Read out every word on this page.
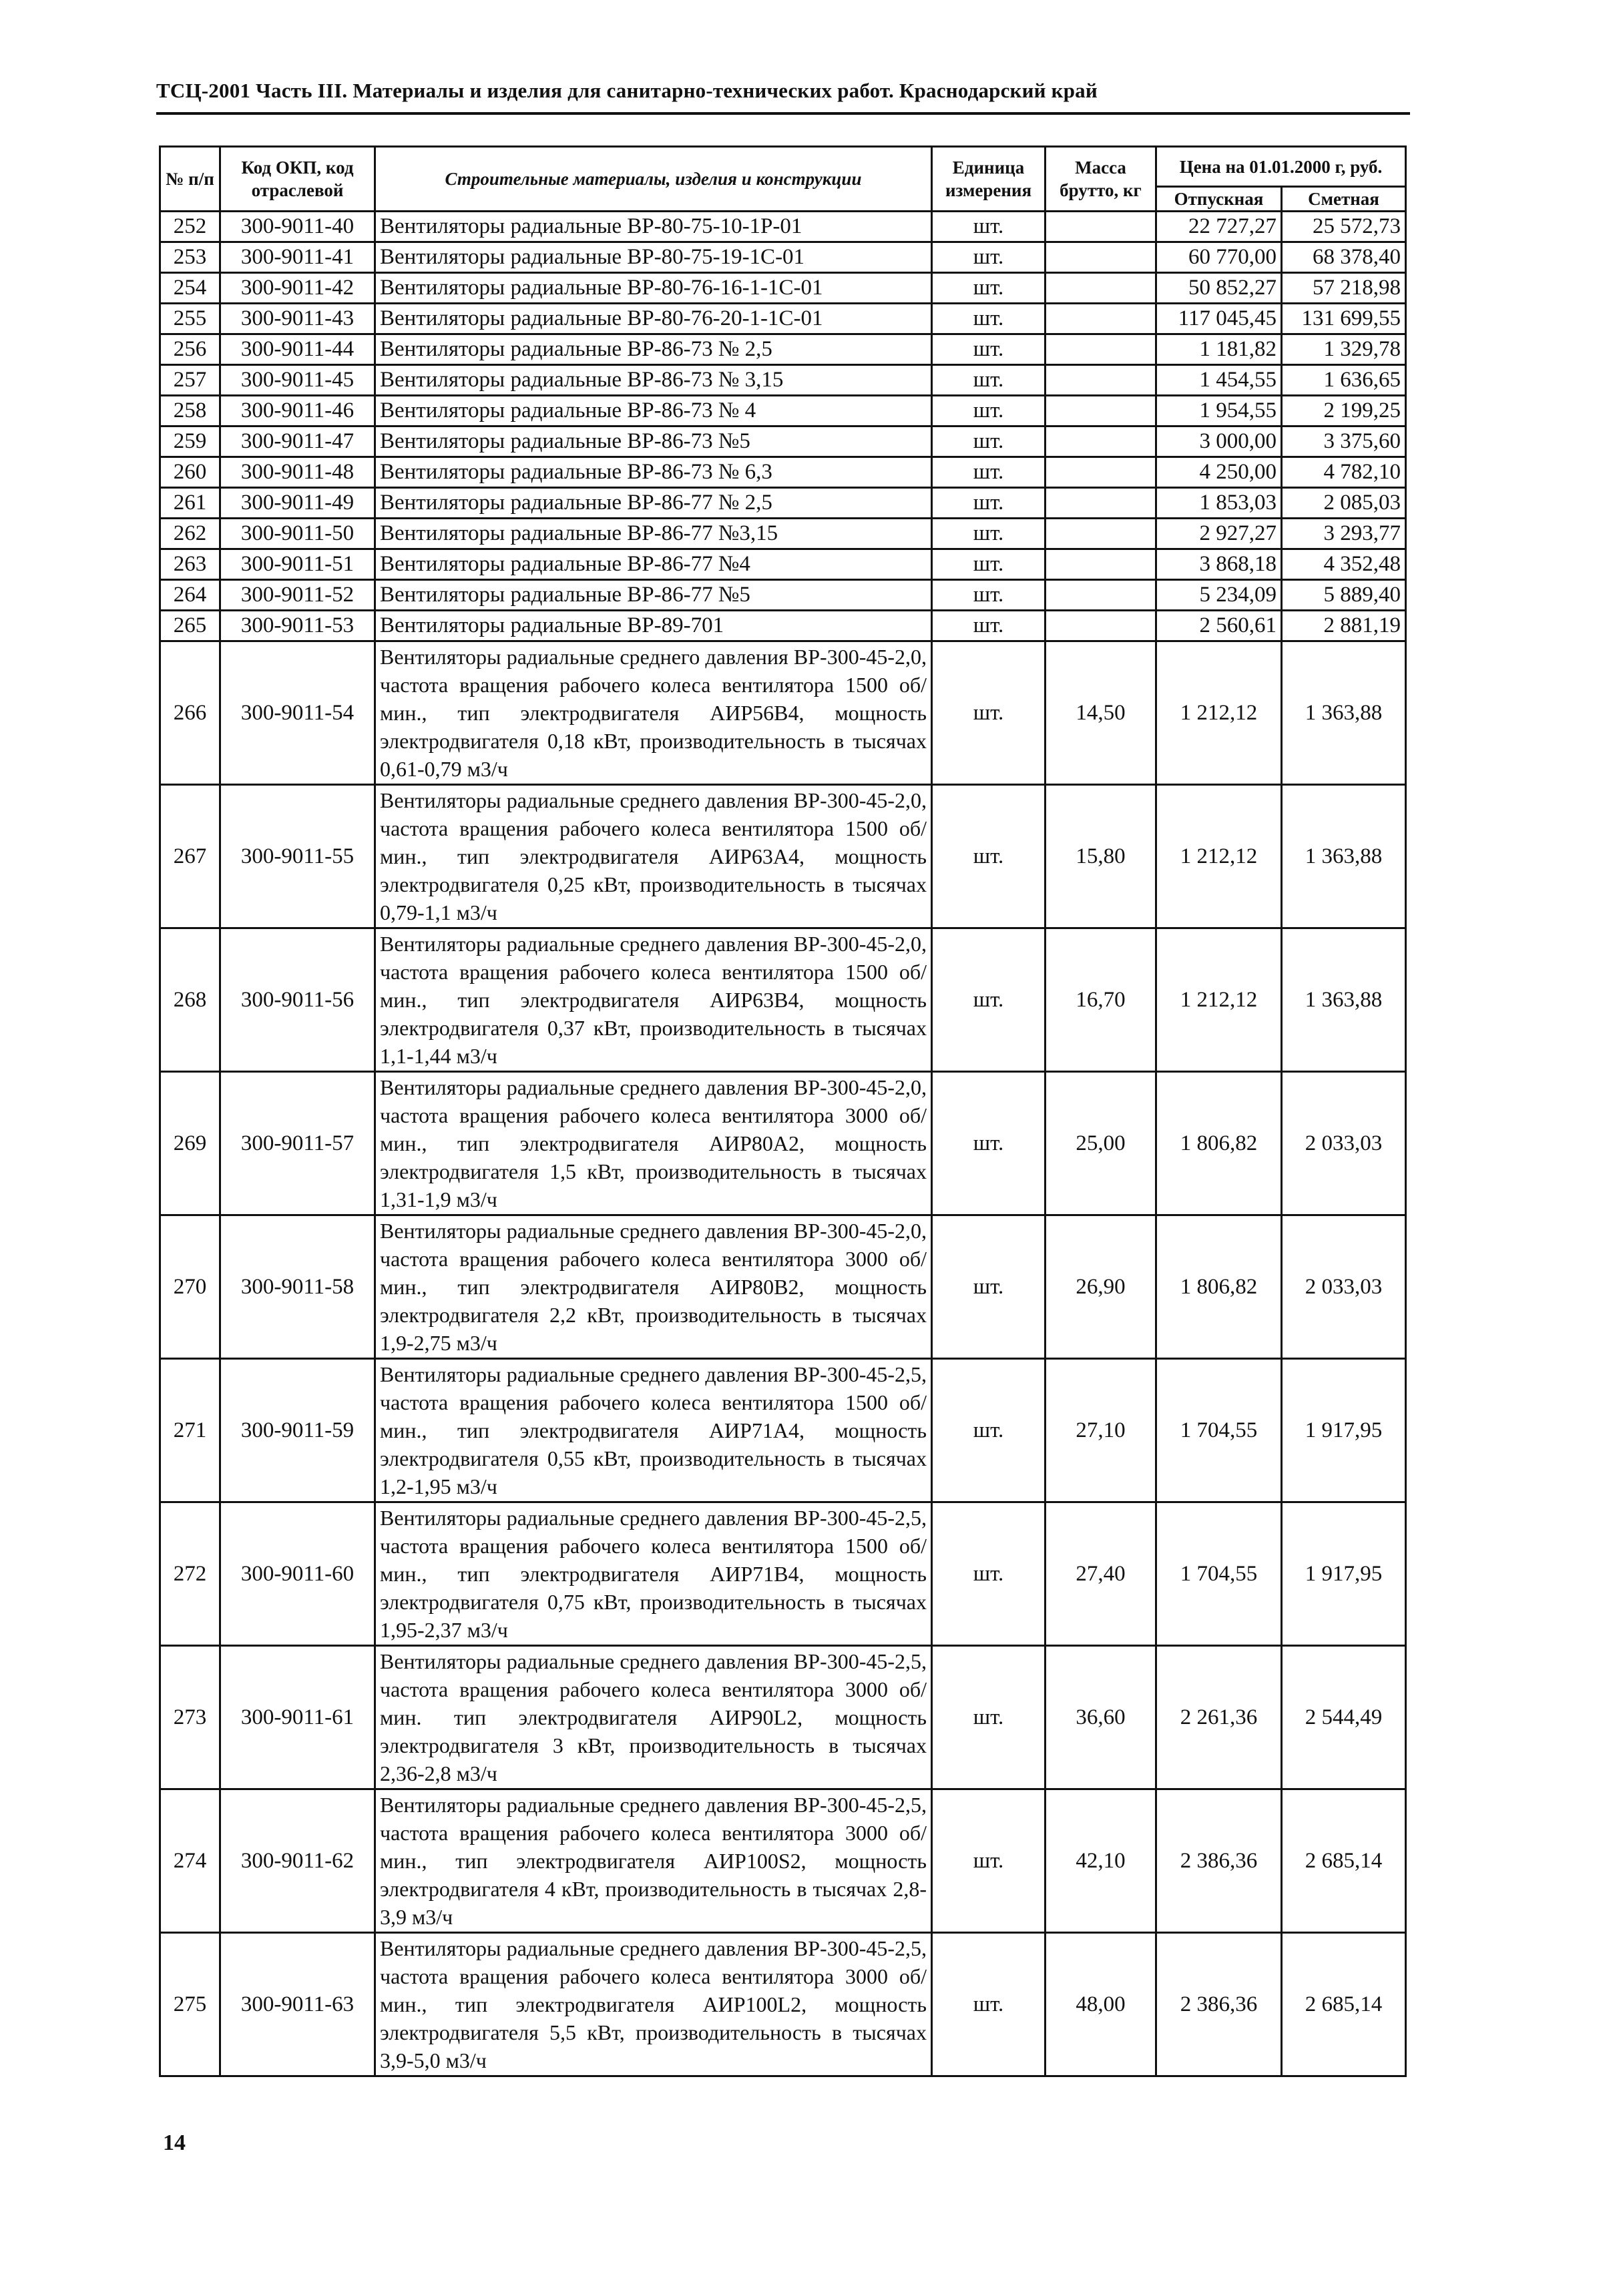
ТСЦ-2001 Часть III. Материалы и изделия для санитарно-технических работ. Краснодарский край
№ п/п	Код ОКП, код отраслевой	Строительные материалы, изделия и конструкции	Единица измерения	Масса брутто, кг	Цена на 01.01.2000 г, руб.	
					Отпускная	Сметная
252	300-9011-40	Вентиляторы радиальные ВР-80-75-10-1Р-01	шт.		22 727,27	25 572,73
253	300-9011-41	Вентиляторы радиальные ВР-80-75-19-1С-01	шт.		60 770,00	68 378,40
254	300-9011-42	Вентиляторы радиальные ВР-80-76-16-1-1С-01	шт.		50 852,27	57 218,98
255	300-9011-43	Вентиляторы радиальные ВР-80-76-20-1-1С-01	шт.		117 045,45	131 699,55
256	300-9011-44	Вентиляторы радиальные ВР-86-73 № 2,5	шт.		1 181,82	1 329,78
257	300-9011-45	Вентиляторы радиальные ВР-86-73 № 3,15	шт.		1 454,55	1 636,65
258	300-9011-46	Вентиляторы радиальные ВР-86-73 № 4	шт.		1 954,55	2 199,25
259	300-9011-47	Вентиляторы радиальные ВР-86-73 №5	шт.		3 000,00	3 375,60
260	300-9011-48	Вентиляторы радиальные ВР-86-73 № 6,3	шт.		4 250,00	4 782,10
261	300-9011-49	Вентиляторы радиальные ВР-86-77 № 2,5	шт.		1 853,03	2 085,03
262	300-9011-50	Вентиляторы радиальные ВР-86-77 №3,15	шт.		2 927,27	3 293,77
263	300-9011-51	Вентиляторы радиальные ВР-86-77 №4	шт.		3 868,18	4 352,48
264	300-9011-52	Вентиляторы радиальные ВР-86-77 №5	шт.		5 234,09	5 889,40
265	300-9011-53	Вентиляторы радиальные ВР-89-701	шт.		2 560,61	2 881,19
266	300-9011-54	Вентиляторы радиальные среднего давления ВР-300-45-2,0, частота вращения рабочего колеса вентилятора 1500 об/мин., тип электродвигателя АИР56В4, мощность электродвигателя 0,18 кВт, производительность в тысячах 0,61-0,79 м3/ч	шт.	14,50	1 212,12	1 363,88
267	300-9011-55	Вентиляторы радиальные среднего давления ВР-300-45-2,0, частота вращения рабочего колеса вентилятора 1500 об/мин., тип электродвигателя АИР63А4, мощность электродвигателя 0,25 кВт, производительность в тысячах 0,79-1,1 м3/ч	шт.	15,80	1 212,12	1 363,88
268	300-9011-56	Вентиляторы радиальные среднего давления ВР-300-45-2,0, частота вращения рабочего колеса вентилятора 1500 об/мин., тип электродвигателя АИР63В4, мощность электродвигателя 0,37 кВт, производительность в тысячах 1,1-1,44 м3/ч	шт.	16,70	1 212,12	1 363,88
269	300-9011-57	Вентиляторы радиальные среднего давления ВР-300-45-2,0, частота вращения рабочего колеса вентилятора 3000 об/мин., тип электродвигателя АИР80А2, мощность электродвигателя 1,5 кВт, производительность в тысячах 1,31-1,9 м3/ч	шт.	25,00	1 806,82	2 033,03
270	300-9011-58	Вентиляторы радиальные среднего давления ВР-300-45-2,0, частота вращения рабочего колеса вентилятора 3000 об/мин., тип электродвигателя АИР80В2, мощность электродвигателя 2,2 кВт, производительность в тысячах 1,9-2,75 м3/ч	шт.	26,90	1 806,82	2 033,03
271	300-9011-59	Вентиляторы радиальные среднего давления ВР-300-45-2,5, частота вращения рабочего колеса вентилятора 1500 об/мин., тип электродвигателя АИР71А4, мощность электродвигателя 0,55 кВт, производительность в тысячах 1,2-1,95 м3/ч	шт.	27,10	1 704,55	1 917,95
272	300-9011-60	Вентиляторы радиальные среднего давления ВР-300-45-2,5, частота вращения рабочего колеса вентилятора 1500 об/мин., тип электродвигателя АИР71В4, мощность электродвигателя 0,75 кВт, производительность в тысячах 1,95-2,37 м3/ч	шт.	27,40	1 704,55	1 917,95
273	300-9011-61	Вентиляторы радиальные среднего давления ВР-300-45-2,5, частота вращения рабочего колеса вентилятора 3000 об/мин. тип электродвигателя АИР90L2, мощность электродвигателя 3 кВт, производительность в тысячах 2,36-2,8 м3/ч	шт.	36,60	2 261,36	2 544,49
274	300-9011-62	Вентиляторы радиальные среднего давления ВР-300-45-2,5, частота вращения рабочего колеса вентилятора 3000 об/мин., тип электродвигателя АИР100S2, мощность электродвигателя 4 кВт, производительность в тысячах 2,8-3,9 м3/ч	шт.	42,10	2 386,36	2 685,14
275	300-9011-63	Вентиляторы радиальные среднего давления ВР-300-45-2,5, частота вращения рабочего колеса вентилятора 3000 об/мин., тип электродвигателя АИР100L2, мощность электродвигателя 5,5 кВт, производительность в тысячах 3,9-5,0 м3/ч	шт.	48,00	2 386,36	2 685,14
14
